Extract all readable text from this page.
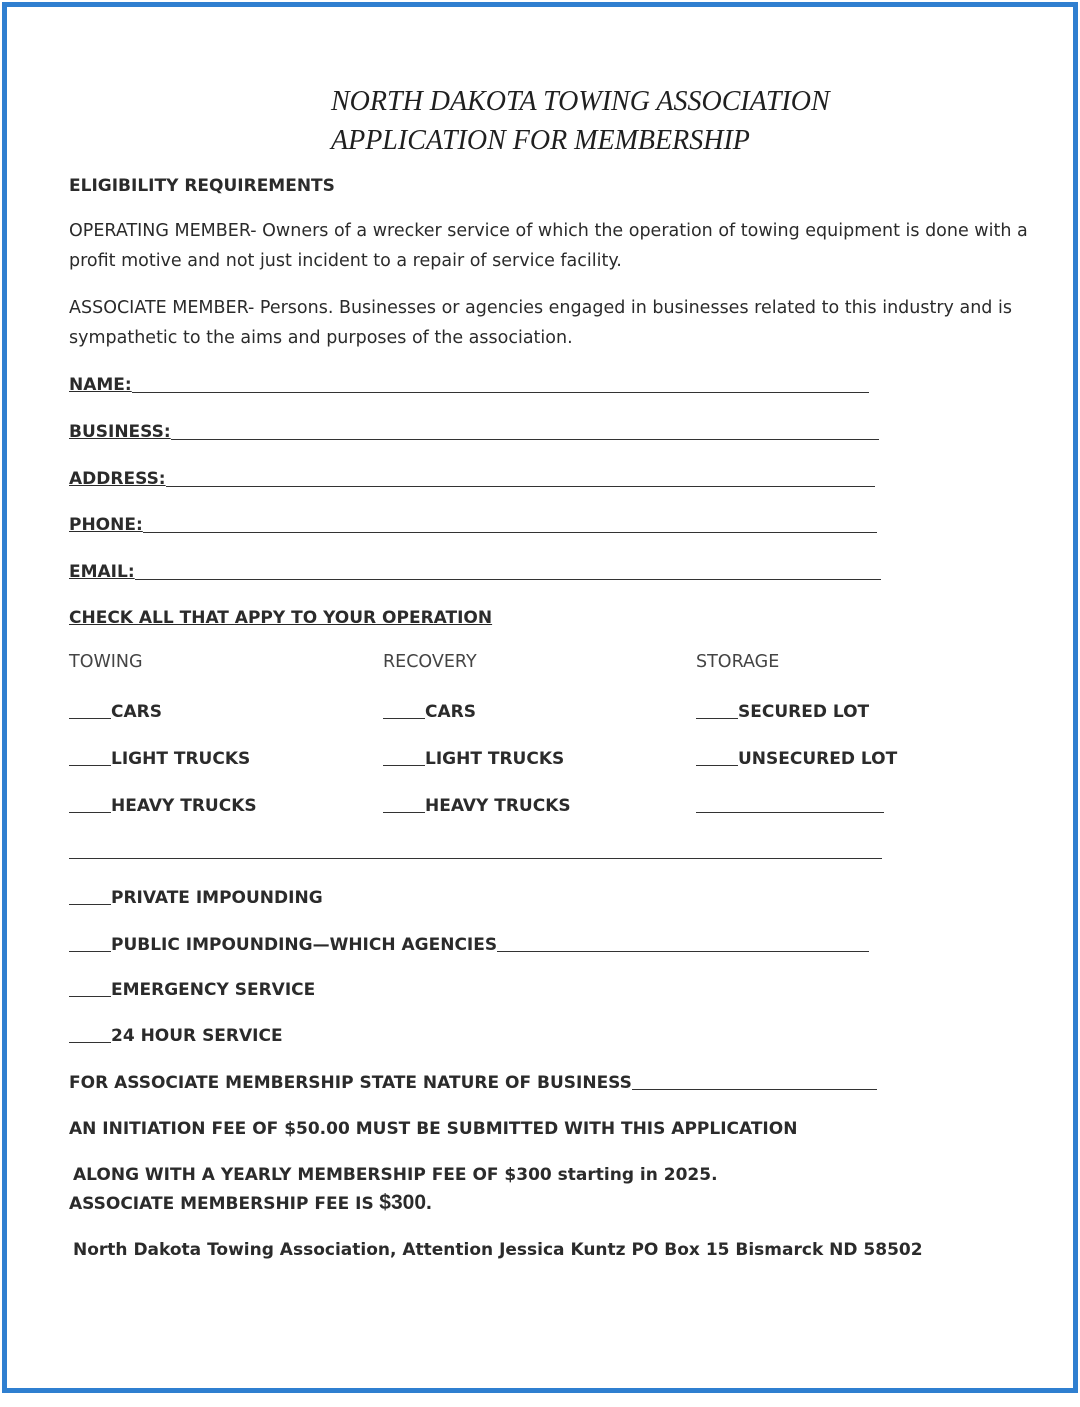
NORTH DAKOTA TOWING ASSOCIATION
APPLICATION FOR MEMBERSHIP
ELIGIBILITY REQUIREMENTS
OPERATING MEMBER- Owners of a wrecker service of which the operation of towing equipment is done with a
profit motive and not just incident to a repair of service facility.
ASSOCIATE MEMBER- Persons. Businesses or agencies engaged in businesses related to this industry and is
sympathetic to the aims and purposes of the association.
NAME:
BUSINESS:
ADDRESS:
PHONE:
EMAIL:
CHECK ALL THAT APPY TO YOUR OPERATION
TOWING	RECOVERY	STORAGE
CARS
LIGHT TRUCKS
HEAVY TRUCKS
CARS
LIGHT TRUCKS
HEAVY TRUCKS
SECURED LOT
UNSECURED LOT
PRIVATE IMPOUNDING
PUBLIC IMPOUNDING—WHICH AGENCIES
EMERGENCY SERVICE
24 HOUR SERVICE
FOR ASSOCIATE MEMBERSHIP STATE NATURE OF BUSINESS
AN INITIATION FEE OF $50.00 MUST BE SUBMITTED WITH THIS APPLICATION
ALONG WITH A YEARLY MEMBERSHIP FEE OF $300 starting in 2025.
ASSOCIATE MEMBERSHIP FEE IS $300.
North Dakota Towing Association, Attention Jessica Kuntz PO Box 15 Bismarck ND 58502
